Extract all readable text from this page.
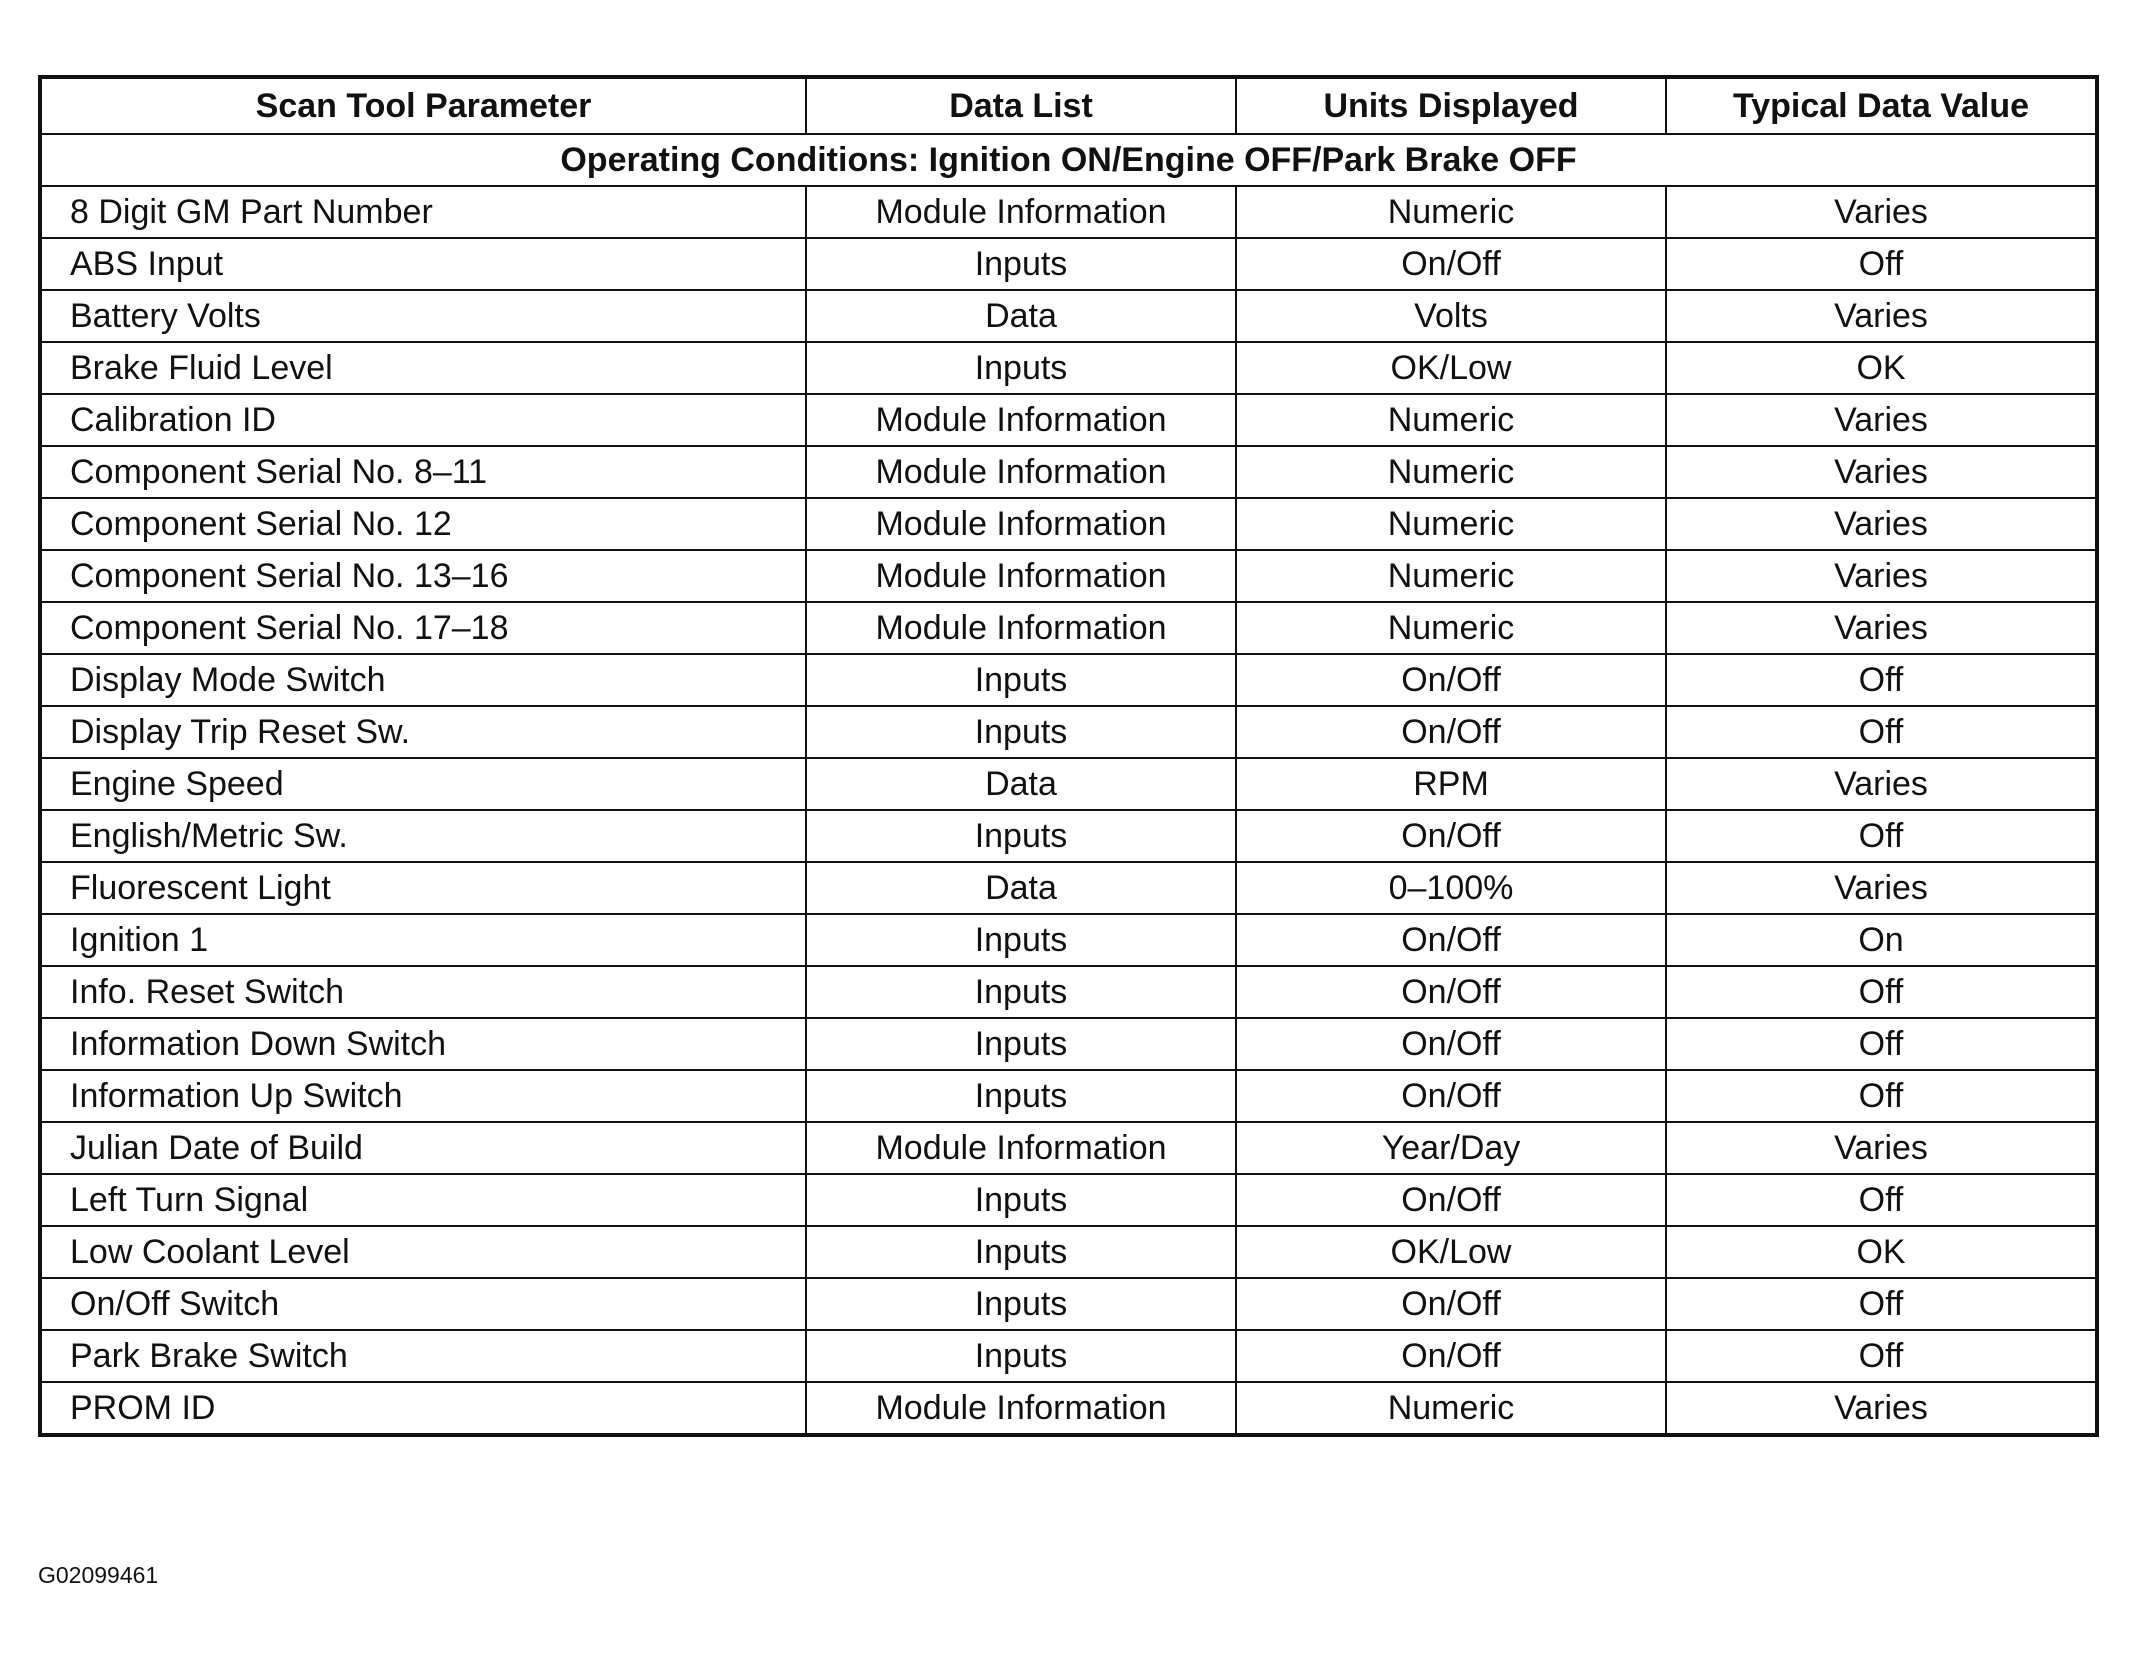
Scan Tool Parameter	Data List	Units Displayed	Typical Data Value
Operating Conditions: Ignition ON/Engine OFF/Park Brake OFF			
8 Digit GM Part Number	Module Information	Numeric	Varies
ABS Input	Inputs	On/Off	Off
Battery Volts	Data	Volts	Varies
Brake Fluid Level	Inputs	OK/Low	OK
Calibration ID	Module Information	Numeric	Varies
Component Serial No. 8–11	Module Information	Numeric	Varies
Component Serial No. 12	Module Information	Numeric	Varies
Component Serial No. 13–16	Module Information	Numeric	Varies
Component Serial No. 17–18	Module Information	Numeric	Varies
Display Mode Switch	Inputs	On/Off	Off
Display Trip Reset Sw.	Inputs	On/Off	Off
Engine Speed	Data	RPM	Varies
English/Metric Sw.	Inputs	On/Off	Off
Fluorescent Light	Data	0–100%	Varies
Ignition 1	Inputs	On/Off	On
Info. Reset Switch	Inputs	On/Off	Off
Information Down Switch	Inputs	On/Off	Off
Information Up Switch	Inputs	On/Off	Off
Julian Date of Build	Module Information	Year/Day	Varies
Left Turn Signal	Inputs	On/Off	Off
Low Coolant Level	Inputs	OK/Low	OK
On/Off Switch	Inputs	On/Off	Off
Park Brake Switch	Inputs	On/Off	Off
PROM ID	Module Information	Numeric	Varies
G02099461
